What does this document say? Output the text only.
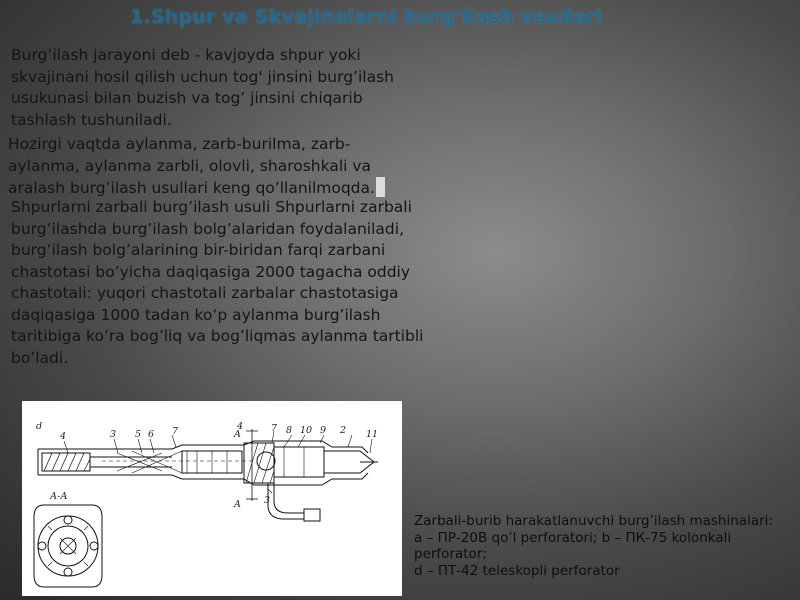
1.Shpur va Skvajinalarni burg‘ilash usullari
Burg’ilash jarayoni deb - kavjoyda shpur yoki
skvajinani hosil qilish uchun tog' jinsini burg’ilash
usukunasi bilan buzish va tog’ jinsini chiqarib
tashlash tushuniladi.
Hozirgi vaqtda aylanma, zarb-burilma, zarb-
aylanma, aylanma zarbli, olovli, sharoshkali va
aralash burg’ilash usullari keng qo’llanilmoqda.
Shpurlarni zarbali burg’ilash usuli Shpurlarni zarbali
burg’ilashda burg’ilash bolg’alaridan foydalaniladi,
burg’ilash bolg’alarining bir-biridan farqi zarbani
chastotasi bo’yicha daqiqasiga 2000 tagacha oddiy
chastotali: yuqori chastotali zarbalar chastotasiga
daqiqasiga 1000 tadan ko‘p aylanma burg’ilash
taritibiga ko’ra bog’liq va bog’liqmas aylanma tartibli
bo’ladi.
d
4	3 5 6 7	4	7 8 10 9 2 11
A
A 3
А-А
Zarbali-burib harakatlanuvchi burg’ilash mashinalari:
a – ПР-20В qo’l perforatori; b – ПК-75 kolonkali perforator;
d – ПТ-42 teleskopli perforator
